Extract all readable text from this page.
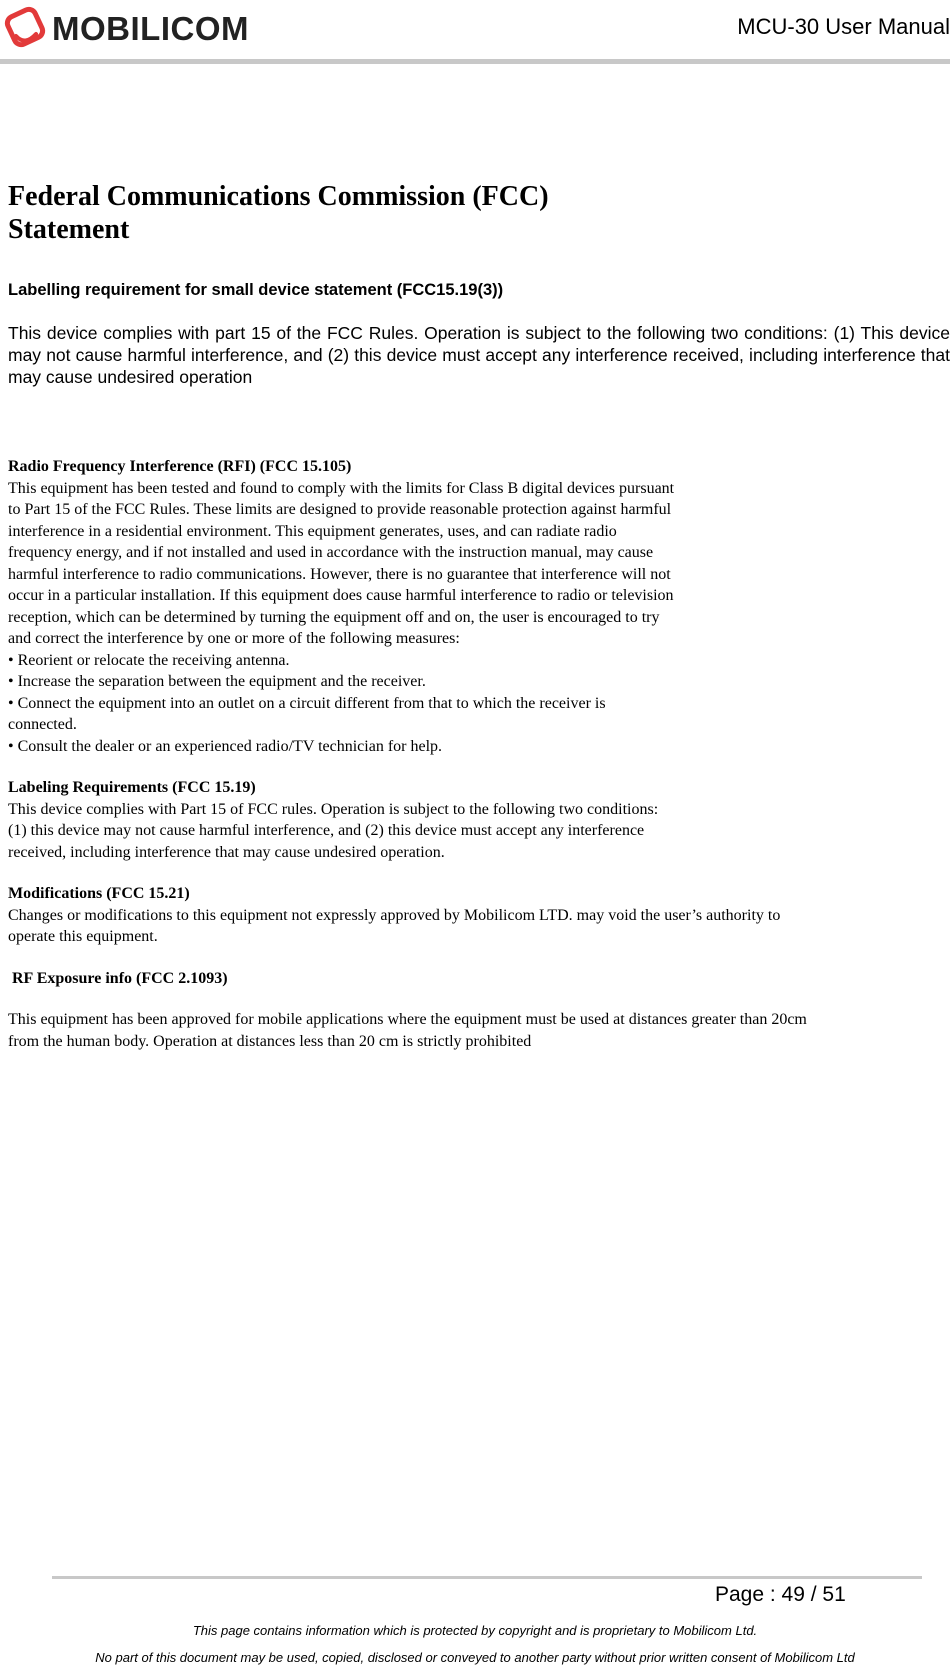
MOBILICOM	MCU-30 User Manual
Federal Communications Commission (FCC) Statement

Labelling requirement for small device statement (FCC15.19(3))

This device complies with part 15 of the FCC Rules. Operation is subject to the following two conditions: (1) This device may not cause harmful interference, and (2) this device must accept any interference received, including interference that may cause undesired operation

Radio Frequency Interference (RFI) (FCC 15.105)

This equipment has been tested and found to comply with the limits for Class B digital devices pursuant to Part 15 of the FCC Rules. These limits are designed to provide reasonable protection against harmful interference in a residential environment. This equipment generates, uses, and can radiate radio frequency energy, and if not installed and used in accordance with the instruction manual, may cause harmful interference to radio communications. However, there is no guarantee that interference will not occur in a particular installation. If this equipment does cause harmful interference to radio or television reception, which can be determined by turning the equipment off and on, the user is encouraged to try and correct the interference by one or more of the following measures:

• Reorient or relocate the receiving antenna.

• Increase the separation between the equipment and the receiver.

• Connect the equipment into an outlet on a circuit different from that to which the receiver is connected.

• Consult the dealer or an experienced radio/TV technician for help.

Labeling Requirements (FCC 15.19)

This device complies with Part 15 of FCC rules. Operation is subject to the following two conditions: (1) this device may not cause harmful interference, and (2) this device must accept any interference received, including interference that may cause undesired operation.

Modifications (FCC 15.21)

Changes or modifications to this equipment not expressly approved by Mobilicom LTD. may void the user’s authority to operate this equipment.

RF Exposure info (FCC 2.1093)

This equipment has been approved for mobile applications where the equipment must be used at distances greater than 20cm from the human body. Operation at distances less than 20 cm is strictly prohibited

Page : 49 / 51
This page contains information which is protected by copyright and is proprietary to Mobilicom Ltd.
No part of this document may be used, copied, disclosed or conveyed to another party without prior written consent of Mobilicom Ltd
